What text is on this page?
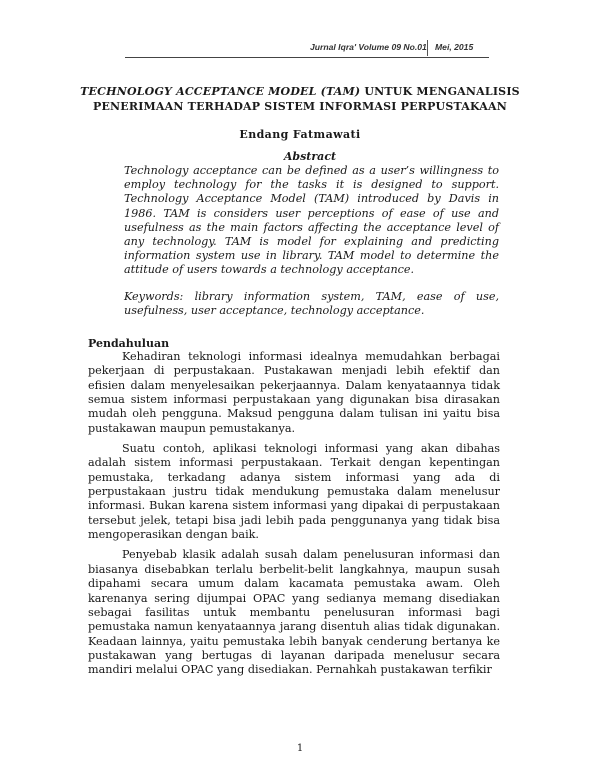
Jurnal Iqra' Volume 09 No.01 Mei, 2015
TECHNOLOGY ACCEPTANCE MODEL (TAM) UNTUK MENGANALISIS
PENERIMAAN TERHADAP SISTEM INFORMASI PERPUSTAKAAN
Endang Fatmawati
Abstract

Technology acceptance can be defined as a user’s willingness to employ technology for the tasks it is designed to support. Technology Acceptance Model (TAM) introduced by Davis in 1986. TAM is considers user perceptions of ease of use and usefulness as the main factors affecting the acceptance level of any technology. TAM is model for explaining and predicting information system use in library. TAM model to determine the attitude of users towards a technology acceptance.

Keywords: library information system, TAM, ease of use, usefulness, user acceptance, technology acceptance.

Pendahuluan

Kehadiran teknologi informasi idealnya memudahkan berbagai pekerjaan di perpustakaan. Pustakawan menjadi lebih efektif dan efisien dalam menyelesaikan pekerjaannya. Dalam kenyataannya tidak semua sistem informasi perpustakaan yang digunakan bisa dirasakan mudah oleh pengguna. Maksud pengguna dalam tulisan ini yaitu bisa pustakawan maupun pemustakanya.

Suatu contoh, aplikasi teknologi informasi yang akan dibahas adalah sistem informasi perpustakaan. Terkait dengan kepentingan pemustaka, terkadang adanya sistem informasi yang ada di perpustakaan justru tidak mendukung pemustaka dalam menelusur informasi. Bukan karena sistem informasi yang dipakai di perpustakaan tersebut jelek, tetapi bisa jadi lebih pada penggunanya yang tidak bisa mengoperasikan dengan baik.

Penyebab klasik adalah susah dalam penelusuran informasi dan biasanya disebabkan terlalu berbelit-belit langkahnya, maupun susah dipahami secara umum dalam kacamata pemustaka awam. Oleh karenanya sering dijumpai OPAC yang sedianya memang disediakan sebagai fasilitas untuk membantu penelusuran informasi bagi pemustaka namun kenyataannya jarang disentuh alias tidak digunakan. Keadaan lainnya, yaitu pemustaka lebih banyak cenderung bertanya ke pustakawan yang bertugas di layanan daripada menelusur secara mandiri melalui OPAC yang disediakan. Pernahkah pustakawan terfikir

1
